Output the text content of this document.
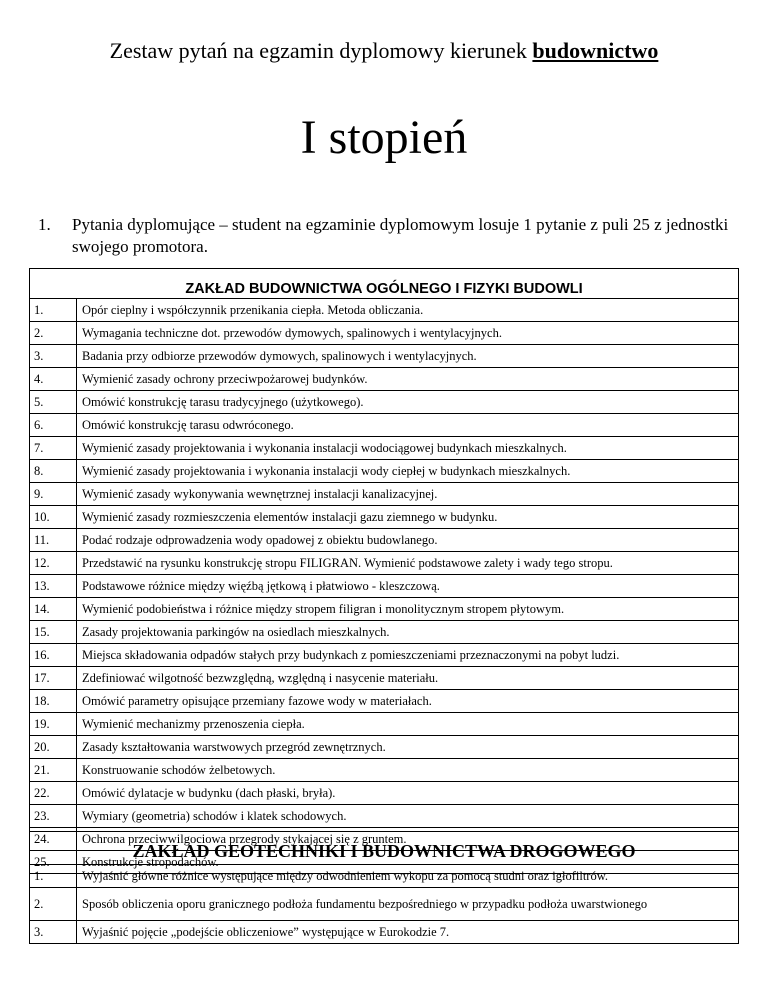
Zestaw pytań na egzamin dyplomowy kierunek budownictwo
I stopień
1.	Pytania dyplomujące – student na egzaminie dyplomowym losuje 1 pytanie z puli 25 z jednostki swojego promotora.
ZAKŁAD BUDOWNICTWA OGÓLNEGO I FIZYKI BUDOWLI	
1.	Opór cieplny i współczynnik przenikania ciepła. Metoda obliczania.
2.	Wymagania techniczne dot. przewodów dymowych, spalinowych i wentylacyjnych.
3.	Badania przy odbiorze przewodów dymowych, spalinowych i wentylacyjnych.
4.	Wymienić zasady ochrony przeciwpożarowej budynków.
5.	Omówić konstrukcję tarasu tradycyjnego (użytkowego).
6.	Omówić konstrukcję tarasu odwróconego.
7.	Wymienić zasady projektowania i wykonania instalacji wodociągowej budynkach mieszkalnych.
8.	Wymienić zasady projektowania i wykonania instalacji wody ciepłej w budynkach mieszkalnych.
9.	Wymienić zasady wykonywania wewnętrznej instalacji kanalizacyjnej.
10.	Wymienić zasady rozmieszczenia elementów instalacji gazu ziemnego w budynku.
11.	Podać rodzaje odprowadzenia wody opadowej z obiektu budowlanego.
12.	Przedstawić na rysunku konstrukcję stropu FILIGRAN. Wymienić podstawowe zalety i wady tego stropu.
13.	Podstawowe różnice między więźbą jętkową i płatwiowo - kleszczową.
14.	Wymienić podobieństwa i różnice między stropem filigran i monolitycznym stropem płytowym.
15.	Zasady projektowania parkingów na osiedlach mieszkalnych.
16.	Miejsca składowania odpadów stałych przy budynkach z pomieszczeniami przeznaczonymi na pobyt ludzi.
17.	Zdefiniować wilgotność bezwzględną, względną i nasycenie materiału.
18.	Omówić parametry opisujące przemiany fazowe wody w materiałach.
19.	Wymienić mechanizmy przenoszenia ciepła.
20.	Zasady kształtowania warstwowych przegród zewnętrznych.
21.	Konstruowanie schodów żelbetowych.
22.	Omówić dylatacje w budynku (dach płaski, bryła).
23.	Wymiary (geometria) schodów i klatek schodowych.
24.	Ochrona przeciwwilgociowa przegrody stykającej się z gruntem.
25.	Konstrukcje stropodachów.
ZAKŁAD GEOTECHNIKI I BUDOWNICTWA DROGOWEGO	
1.	Wyjaśnić główne różnice występujące między odwodnieniem wykopu za pomocą studni oraz igłofiltrów.
2.	Sposób obliczenia oporu granicznego podłoża fundamentu bezpośredniego w przypadku podłoża uwarstwionego
3.	Wyjaśnić pojęcie „podejście obliczeniowe” występujące w Eurokodzie 7.
